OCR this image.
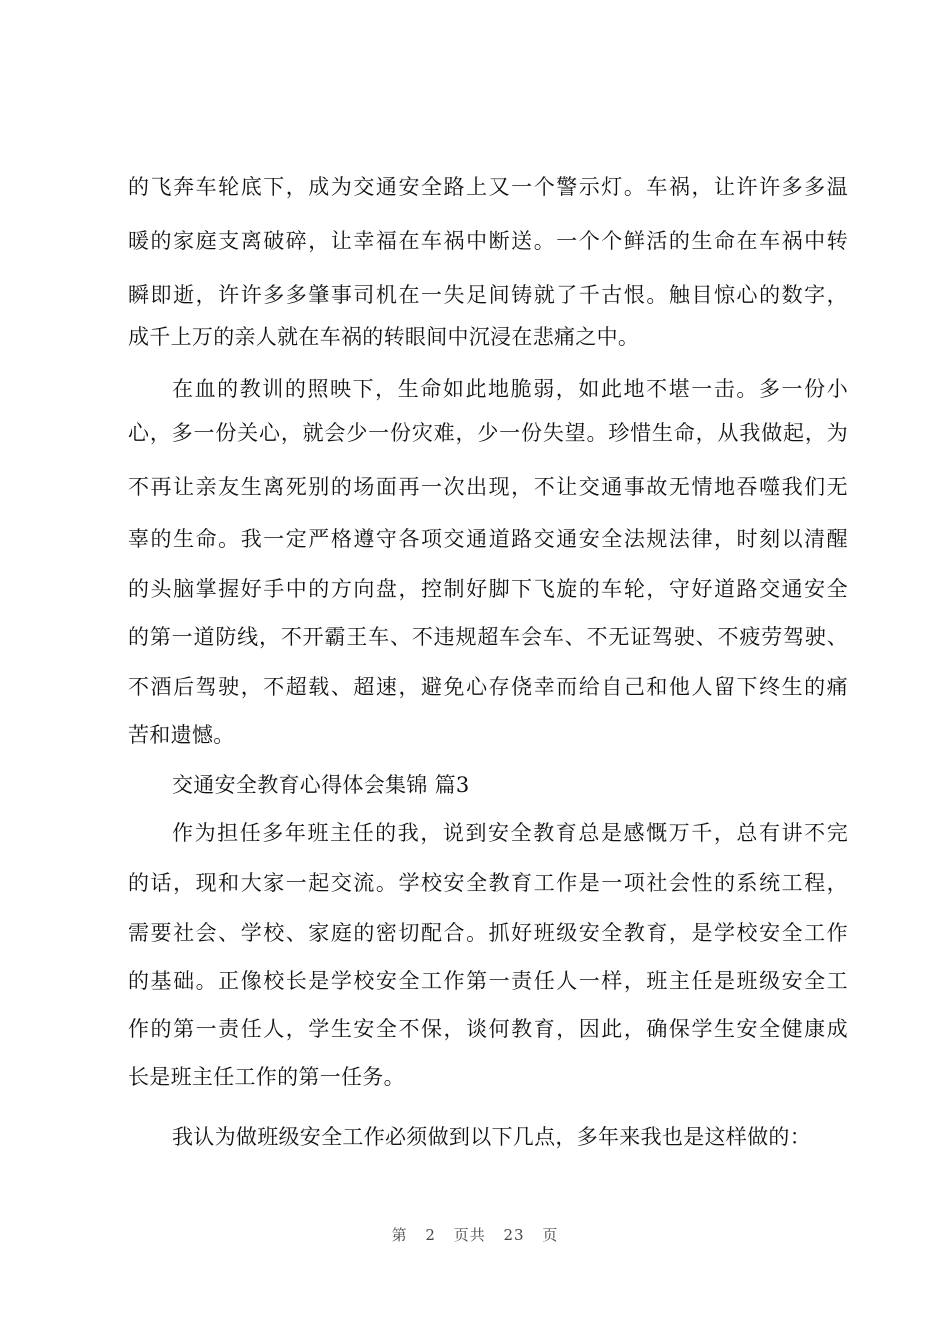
的飞奔车轮底下，成为交通安全路上又一个警示灯。车祸，让许许多多温
暖的家庭支离破碎，让幸福在车祸中断送。一个个鲜活的生命在车祸中转
瞬即逝，许许多多肇事司机在一失足间铸就了千古恨。触目惊心的数字，
成千上万的亲人就在车祸的转眼间中沉浸在悲痛之中。
在血的教训的照映下，生命如此地脆弱，如此地不堪一击。多一份小
心，多一份关心，就会少一份灾难，少一份失望。珍惜生命，从我做起，为
不再让亲友生离死别的场面再一次出现，不让交通事故无情地吞噬我们无
辜的生命。我一定严格遵守各项交通道路交通安全法规法律，时刻以清醒
的头脑掌握好手中的方向盘，控制好脚下飞旋的车轮，守好道路交通安全
的第一道防线，不开霸王车、不违规超车会车、不无证驾驶、不疲劳驾驶、
不酒后驾驶，不超载、超速，避免心存侥幸而给自己和他人留下终生的痛
苦和遗憾。
交通安全教育心得体会集锦 篇3
作为担任多年班主任的我，说到安全教育总是感慨万千，总有讲不完
的话，现和大家一起交流。学校安全教育工作是一项社会性的系统工程，
需要社会、学校、家庭的密切配合。抓好班级安全教育，是学校安全工作
的基础。正像校长是学校安全工作第一责任人一样，班主任是班级安全工
作的第一责任人，学生安全不保，谈何教育，因此，确保学生安全健康成
长是班主任工作的第一任务。
我认为做班级安全工作必须做到以下几点，多年来我也是这样做的：
第 2 页共 23 页
